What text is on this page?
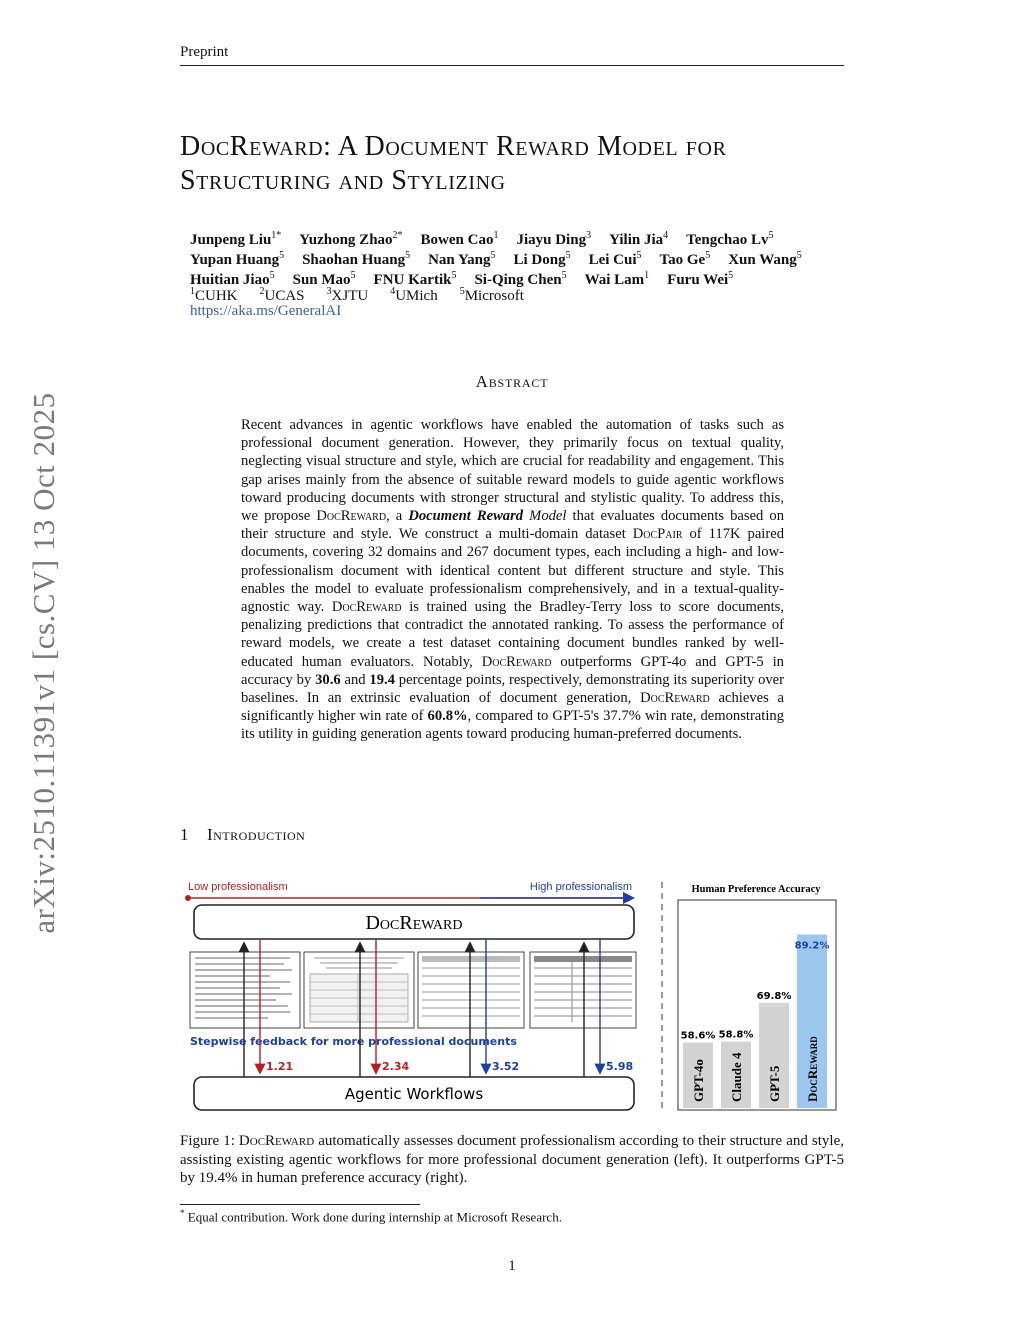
Preprint
arXiv:2510.11391v1 [cs.CV] 13 Oct 2025
DocReward: A Document Reward Model for
Structuring and Stylizing
Junpeng Liu$^{1*}$ Yuzhong Zhao$^{2*}$ Bowen Cao$^1$ Jiayu Ding$^3$ Yilin Jia$^4$ Tengchao Lv$^5$
Yupan Huang$^5$ Shaohan Huang$^5$ Nan Yang$^5$ Li Dong$^5$ Lei Cui$^5$ Tao Ge$^5$ Xun Wang$^5$
Huitian Jiao$^5$ Sun Mao$^5$ FNU Kartik$^5$ Si-Qing Chen$^5$ Wai Lam$^1$ Furu Wei$^5$
$^1$CUHK $^2$UCAS $^3$XJTU $^4$UMich $^5$Microsoft
https://aka.ms/GeneralAI
Abstract
Recent advances in agentic workflows have enabled the automation of tasks such as professional document generation. However, they primarily focus on textual quality, neglecting visual structure and style, which are crucial for readability and engagement. This gap arises mainly from the absence of suitable reward models to guide agentic workflows toward producing documents with stronger structural and stylistic quality. To address this, we propose DocReward, a Document Reward Model that evaluates documents based on their structure and style. We construct a multi-domain dataset DocPair of 117K paired documents, covering 32 domains and 267 document types, each including a high- and low-professionalism document with identical content but different structure and style. This enables the model to evaluate professionalism comprehensively, and in a textual-quality-agnostic way. DocReward is trained using the Bradley-Terry loss to score documents, penalizing predictions that contradict the annotated ranking. To assess the performance of reward models, we create a test dataset containing document bundles ranked by well-educated human evaluators. Notably, DocReward outperforms GPT-4o and GPT-5 in accuracy by 30.6 and 19.4 percentage points, respectively, demonstrating its superiority over baselines. In an extrinsic evaluation of document generation, DocReward achieves a significantly higher win rate of 60.8%, compared to GPT-5's 37.7% win rate, demonstrating its utility in guiding generation agents toward producing human-preferred documents.
1 Introduction
Low professionalism	High professionalism
DocReward
Stepwise feedback for more professional documents
1.21	2.34	3.52	5.98
Agentic Workflows
Human Preference Accuracy
58.6%
GPT-4o
58.8%
Claude 4
69.8%
GPT-5
89.2%
DocReward
Figure 1: DocReward automatically assesses document professionalism according to their structure and style, assisting existing agentic workflows for more professional document generation (left). It outperforms GPT-5 by 19.4% in human preference accuracy (right).
* Equal contribution. Work done during internship at Microsoft Research.
1
